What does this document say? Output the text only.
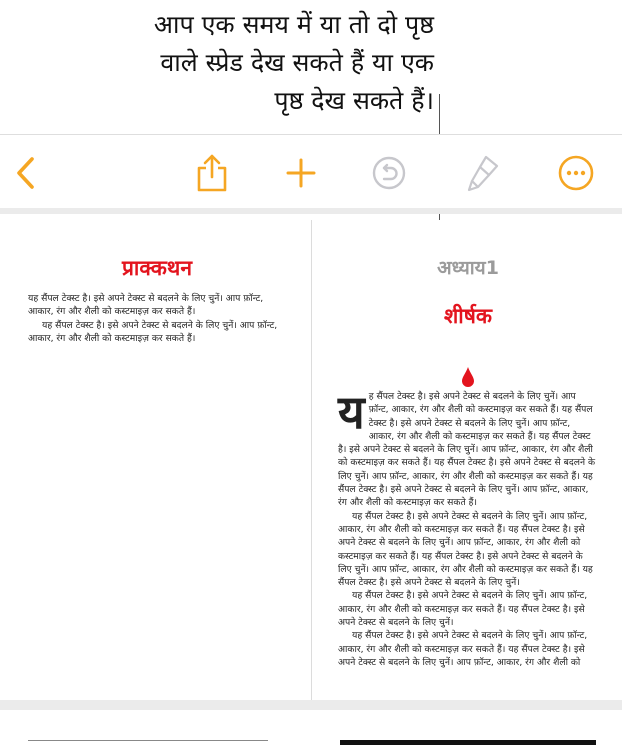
आप एक समय में या तो दो पृष्ठ
वाले स्प्रेड देख सकते हैं या एक
पृष्ठ देख सकते हैं।
प्राक्कथन

यह सैंपल टेक्स्ट है। इसे अपने टेक्स्ट से बदलने के लिए चुनें। आप फ़ॉन्ट, आकार, रंग और शैली को कस्टमाइज़ कर सकते हैं।

यह सैंपल टेक्स्ट है। इसे अपने टेक्स्ट से बदलने के लिए चुनें। आप फ़ॉन्ट, आकार, रंग और शैली को कस्टमाइज़ कर सकते हैं।

अध्याय1
शीर्षक
य ह सैंपल टेक्स्ट है। इसे अपने टेक्स्ट से बदलने के लिए चुनें। आप फ़ॉन्ट, आकार, रंग और शैली को कस्टमाइज़ कर सकते हैं। यह सैंपल टेक्स्ट है। इसे अपने टेक्स्ट से बदलने के लिए चुनें। आप फ़ॉन्ट, आकार, रंग और शैली को कस्टमाइज़ कर सकते हैं। यह सैंपल टेक्स्ट है। इसे अपने टेक्स्ट से बदलने के लिए चुनें। आप फ़ॉन्ट, आकार, रंग और शैली को कस्टमाइज़ कर सकते हैं। यह सैंपल टेक्स्ट है। इसे अपने टेक्स्ट से बदलने के लिए चुनें। आप फ़ॉन्ट, आकार, रंग और शैली को कस्टमाइज़ कर सकते हैं। यह सैंपल टेक्स्ट है। इसे अपने टेक्स्ट से बदलने के लिए चुनें। आप फ़ॉन्ट, आकार, रंग और शैली को कस्टमाइज़ कर सकते हैं।

यह सैंपल टेक्स्ट है। इसे अपने टेक्स्ट से बदलने के लिए चुनें। आप फ़ॉन्ट, आकार, रंग और शैली को कस्टमाइज़ कर सकते हैं। यह सैंपल टेक्स्ट है। इसे अपने टेक्स्ट से बदलने के लिए चुनें। आप फ़ॉन्ट, आकार, रंग और शैली को कस्टमाइज़ कर सकते हैं। यह सैंपल टेक्स्ट है। इसे अपने टेक्स्ट से बदलने के लिए चुनें। आप फ़ॉन्ट, आकार, रंग और शैली को कस्टमाइज़ कर सकते हैं। यह सैंपल टेक्स्ट है। इसे अपने टेक्स्ट से बदलने के लिए चुनें।

यह सैंपल टेक्स्ट है। इसे अपने टेक्स्ट से बदलने के लिए चुनें। आप फ़ॉन्ट, आकार, रंग और शैली को कस्टमाइज़ कर सकते हैं। यह सैंपल टेक्स्ट है। इसे अपने टेक्स्ट से बदलने के लिए चुनें।

यह सैंपल टेक्स्ट है। इसे अपने टेक्स्ट से बदलने के लिए चुनें। आप फ़ॉन्ट, आकार, रंग और शैली को कस्टमाइज़ कर सकते हैं। यह सैंपल टेक्स्ट है। इसे अपने टेक्स्ट से बदलने के लिए चुनें। आप फ़ॉन्ट, आकार, रंग और शैली को
